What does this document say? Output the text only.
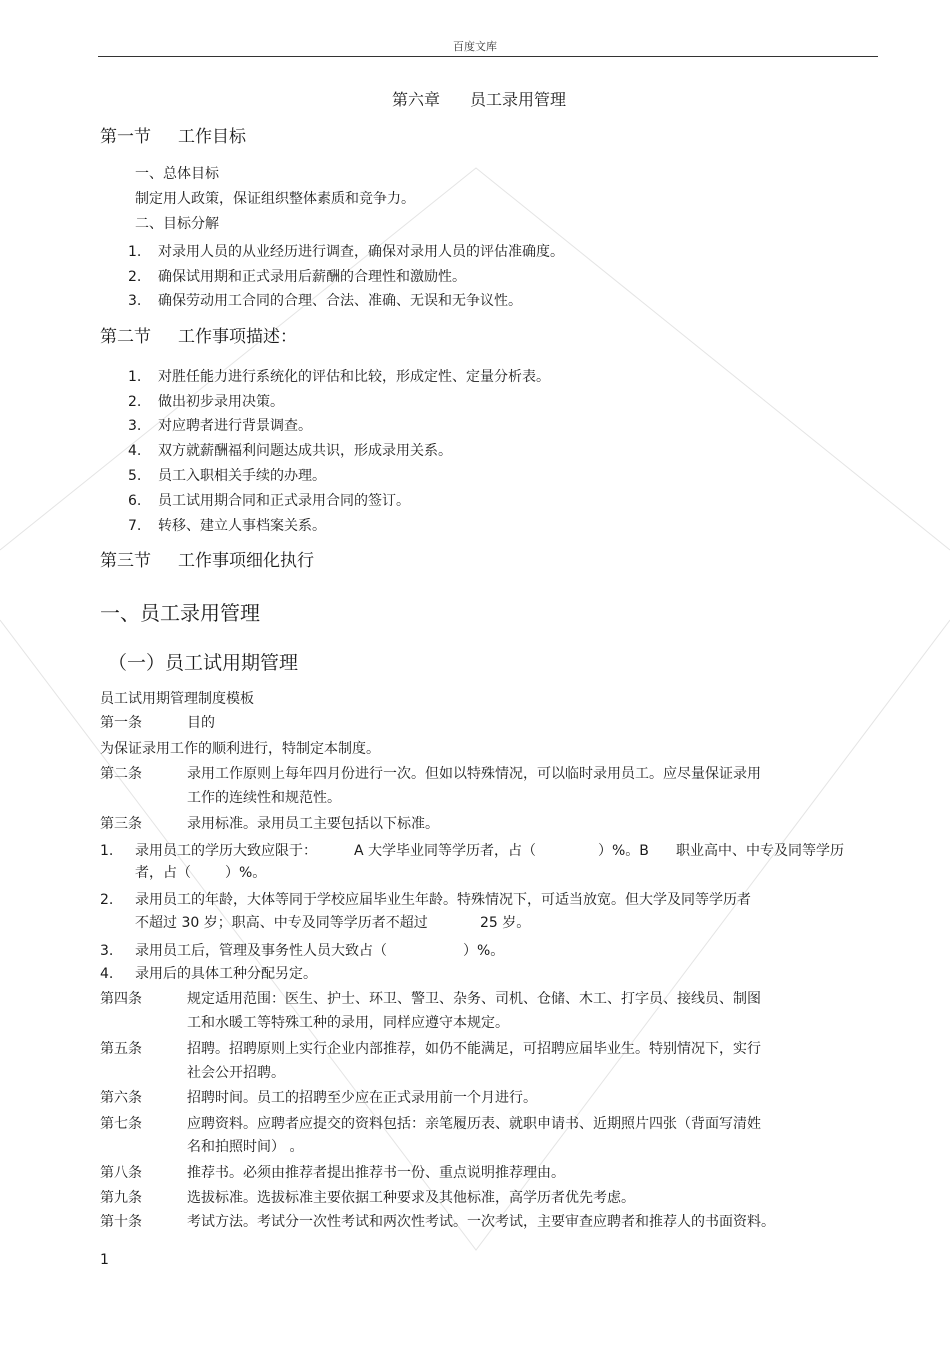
百度文库
第六章 员工录用管理
第一节 工作目标
一、总体目标
制定用人政策，保证组织整体素质和竞争力。
二、目标分解
1. 对录用人员的从业经历进行调查，确保对录用人员的评估准确度。
2. 确保试用期和正式录用后薪酬的合理性和激励性。
3. 确保劳动用工合同的合理、合法、准确、无误和无争议性。
第二节 工作事项描述：
1. 对胜任能力进行系统化的评估和比较，形成定性、定量分析表。
2. 做出初步录用决策。
3. 对应聘者进行背景调查。
4. 双方就薪酬福利问题达成共识，形成录用关系。
5. 员工入职相关手续的办理。
6. 员工试用期合同和正式录用合同的签订。
7. 转移、建立人事档案关系。
第三节 工作事项细化执行
一、员工录用管理
（一）员工试用期管理
员工试用期管理制度模板
第一条	目的
为保证录用工作的顺利进行，特制定本制度。
第二条	录用工作原则上每年四月份进行一次。但如以特殊情况，可以临时录用员工。应尽量保证录用
工作的连续性和规范性。
第三条	录用标准。录用员工主要包括以下标准。
1. 录用员工的学历大致应限于：	A 大学毕业同等学历者，占（	）%。B 职业高中、中专及同等学历
者，占（ ）%。
2. 录用员工的年龄，大体等同于学校应届毕业生年龄。特殊情况下，可适当放宽。但大学及同等学历者
不超过 30 岁；职高、中专及同等学历者不超过	25 岁。
3. 录用员工后，管理及事务性人员大致占（	）%。
4. 录用后的具体工种分配另定。
第四条	规定适用范围：医生、护士、环卫、警卫、杂务、司机、仓储、木工、打字员、接线员、制图
工和水暖工等特殊工种的录用，同样应遵守本规定。
第五条	招聘。招聘原则上实行企业内部推荐，如仍不能满足，可招聘应届毕业生。特别情况下，实行
社会公开招聘。
第六条	招聘时间。员工的招聘至少应在正式录用前一个月进行。
第七条	应聘资料。应聘者应提交的资料包括：亲笔履历表、就职申请书、近期照片四张（背面写清姓
名和拍照时间） 。
第八条	推荐书。必须由推荐者提出推荐书一份、重点说明推荐理由。
第九条	选拔标准。选拔标准主要依据工种要求及其他标准，高学历者优先考虑。
第十条	考试方法。考试分一次性考试和两次性考试。一次考试，主要审查应聘者和推荐人的书面资料。
1
